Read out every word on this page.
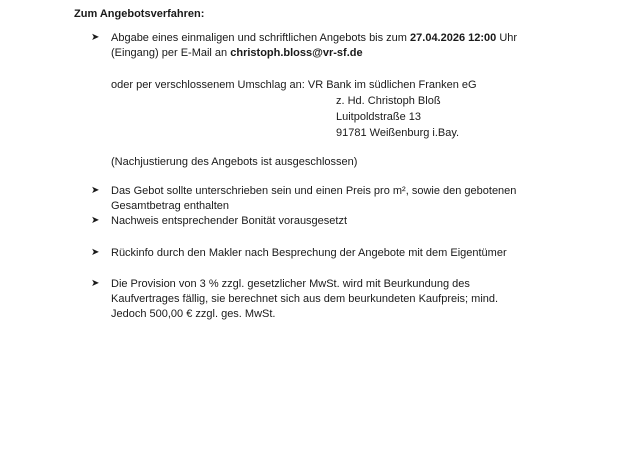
Zum Angebotsverfahren:
➤ Abgabe eines einmaligen und schriftlichen Angebots bis zum 27.04.2026 12:00 Uhr
(Eingang) per E-Mail an christoph.bloss@vr-sf.de
oder per verschlossenem Umschlag an: VR Bank im südlichen Franken eG
z. Hd. Christoph Bloß
Luitpoldstraße 13
91781 Weißenburg i.Bay.
(Nachjustierung des Angebots ist ausgeschlossen)
➤ Das Gebot sollte unterschrieben sein und einen Preis pro m², sowie den gebotenen
Gesamtbetrag enthalten
➤ Nachweis entsprechender Bonität vorausgesetzt
➤ Rückinfo durch den Makler nach Besprechung der Angebote mit dem Eigentümer
➤ Die Provision von 3 % zzgl. gesetzlicher MwSt. wird mit Beurkundung des
Kaufvertrages fällig, sie berechnet sich aus dem beurkundeten Kaufpreis; mind.
Jedoch 500,00 € zzgl. ges. MwSt.
